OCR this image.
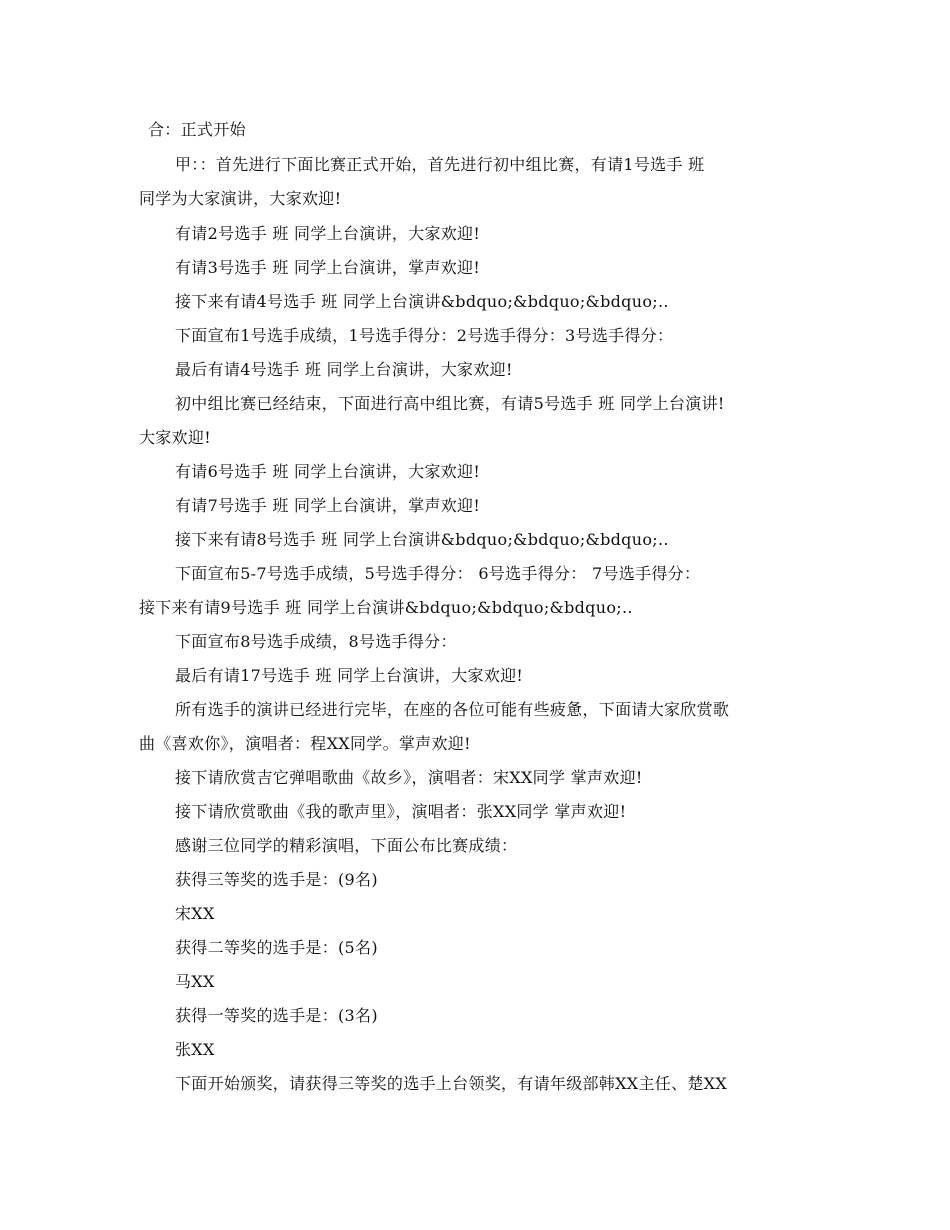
合：正式开始
甲：：首先进行下面比赛正式开始，首先进行初中组比赛，有请1号选手 班
同学为大家演讲，大家欢迎!
有请2号选手 班 同学上台演讲，大家欢迎!
有请3号选手 班 同学上台演讲，掌声欢迎!
接下来有请4号选手 班 同学上台演讲&bdquo;&bdquo;&bdquo;..
下面宣布1号选手成绩，1号选手得分：2号选手得分：3号选手得分：
最后有请4号选手 班 同学上台演讲，大家欢迎!
初中组比赛已经结束，下面进行高中组比赛，有请5号选手 班 同学上台演讲!
大家欢迎!
有请6号选手 班 同学上台演讲，大家欢迎!
有请7号选手 班 同学上台演讲，掌声欢迎!
接下来有请8号选手 班 同学上台演讲&bdquo;&bdquo;&bdquo;..
下面宣布5-7号选手成绩，5号选手得分： 6号选手得分： 7号选手得分：
接下来有请9号选手 班 同学上台演讲&bdquo;&bdquo;&bdquo;..
下面宣布8号选手成绩，8号选手得分：
最后有请17号选手 班 同学上台演讲，大家欢迎!
所有选手的演讲已经进行完毕，在座的各位可能有些疲惫，下面请大家欣赏歌
曲《喜欢你》，演唱者：程XX同学。掌声欢迎!
接下请欣赏吉它弹唱歌曲《故乡》，演唱者：宋XX同学 掌声欢迎!
接下请欣赏歌曲《我的歌声里》，演唱者：张XX同学 掌声欢迎!
感谢三位同学的精彩演唱，下面公布比赛成绩：
获得三等奖的选手是：(9名)
宋XX
获得二等奖的选手是：(5名)
马XX
获得一等奖的选手是：(3名)
张XX
下面开始颁奖，请获得三等奖的选手上台领奖，有请年级部韩XX主任、楚XX
